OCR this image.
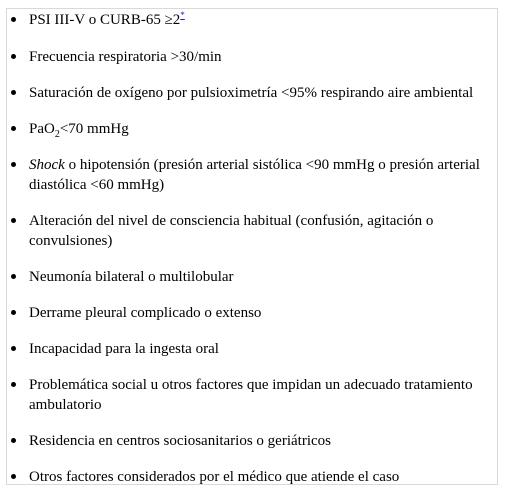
PSI III-V o CURB-65 ≥2*
Frecuencia respiratoria >30/min
Saturación de oxígeno por pulsioximetría <95% respirando aire ambiental
PaO$_2$<70 mmHg
Shock o hipotensión (presión arterial sistólica <90 mmHg o presión arterial diastólica <60 mmHg)
Alteración del nivel de consciencia habitual (confusión, agitación o convulsiones)
Neumonía bilateral o multilobular
Derrame pleural complicado o extenso
Incapacidad para la ingesta oral
Problemática social u otros factores que impidan un adecuado tratamiento ambulatorio
Residencia en centros sociosanitarios o geriátricos
Otros factores considerados por el médico que atiende el caso
